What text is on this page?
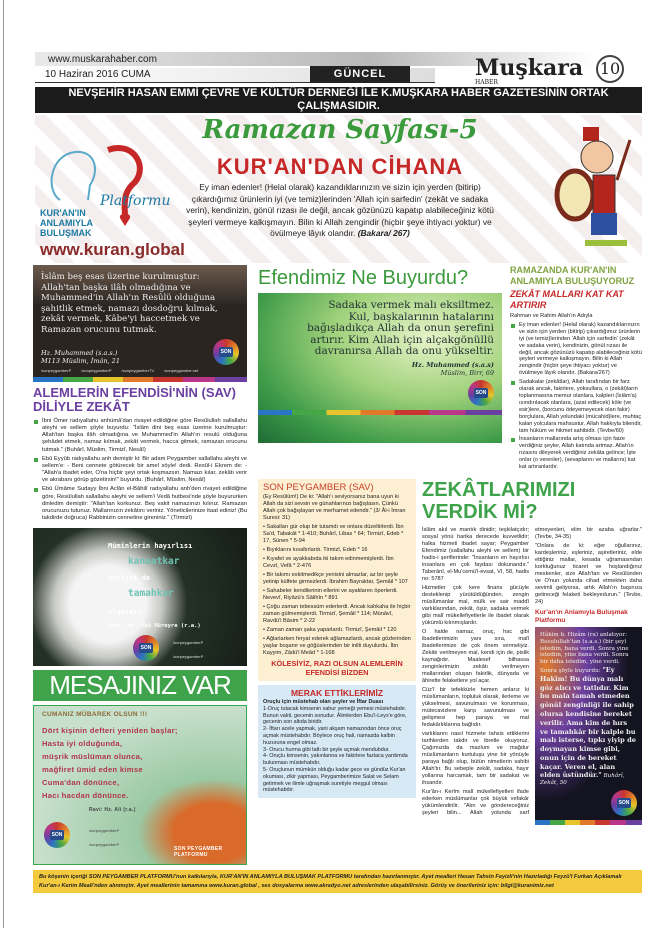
www.muskarahaber.com
10 Haziran 2016 CUMA	GÜNCEL	Muşkara
HABER
10
NEVŞEHİR HASAN EMMİ ÇEVRE VE KÜLTÜR DERNEĞİ İLE K.MUŞKARA HABER GAZETESİNİN ORTAK ÇALIŞMASIDIR.
KUR'AN'IN
ANLAMIYLA
BULUŞMAK
Platformu
www.kuran.global
Ramazan Sayfası-5
KUR'AN'DAN CİHANA
Ey iman edenler! (Helal olarak) kazandıklarınızın ve sizin için yerden (bitirip) çıkardığımız ürünlerin iyi (ve temiz)lerinden 'Allah için sarfedin' (zekât ve sadaka verin), kendinizin, gönül rızası ile değil, ancak gözünüzü kapatıp alabileceğiniz kötü şeyleri vermeye kalkışmayın. Bilin ki Allah zengindir (hiçbir şeye ihtiyacı yoktur) ve övülmeye lâyık olandır. (Bakara/ 267)
İslâm beş esas üzerine kurulmuştur: Allah'tan başka ilâh olmadığına ve Muhammed'in Allah'ın Resûlü olduğuna şahitlik etmek, namazı dosdoğru kılmak, zekât vermek, Kâbe'yi haccetmek ve Ramazan orucunu tutmak.
Hz. Muhammed (s.a.s.)
M113 Müslim, İmân, 21
SON
/sonpeygamberP	/sonpeygamberP	/sonpeygamberTV	/sonpeygamber.net
ALEMLERİN EFENDİSİ'NİN (SAV) DİLİYLE ZEKÂT

İbni Ömer radıyallahu anhümâ'dan rivayet edildiğine göre Resûlullah sallallahu aleyhi ve sellem şöyle buyurdu: "İslâm dini beş esas üzerine kurulmuştur: Allah'tan başka ilâh olmadığına ve Muhammed'in Allah'ın resulü olduğuna şehâdet etmek, namaz kılmak, zekât vermek, hacca gitmek, ramazan orucunu tutmak." (Buhârî, Müslim, Tirmizî, Nesâî)

Ebû Eyyûb radıyallahu anh demiştir ki: Bir adam Peygamber sallallahu aleyhi ve sellem'e: - Beni cennete götürecek bir amel söyle! dedi. Resûl-i Ekrem de: - "Allah'a ibadet eder, O'na hiçbir şeyi ortak koşmazsın. Namazı kılar, zekâtı verir ve akrabanı görüp gözetirsin!" buyurdu. (Buhârî, Müslim, Nesâî)

Ebû Ümâme Sudayy İbni Aclân el-Bâhilî radıyallahu anh'den rivayet edildiğine göre, Resûlullah sallallahu aleyhi ve sellem'i Vedâ hutbesi'nde şöyle buyururken dinledim demiştir: "Allah'tan korkunuz. Beş vakit namazınızı kılınız. Ramazan orucunuzu tutunuz. Mallarınızın zekâtını veriniz. Yöneticilerinize itaat ediniz! (Bu takdirde doğruca) Rabbinizin cennetine gireniniz." (Tirmizî)

Müminlerin hayırlısı
kanaatkar
şerlisi de
tamahkar
olanıdır.
Ravi: Hz. Ebû Hüreyre (r.a.)
SON
/sonpeygamberP
/sonpeygamberP
MESAJINIZ VAR
CUMANIZ MÜBAREK OLSUN !!!
Dört kişinin defteri yeniden başlar;
Hasta iyi olduğunda,
müşrik müslüman olunca,
mağfiret ümid eden kimse
Cuma'dan dönünce,
Hacı hacdan dönünce.
Ravi: Hz. Ali (r.a.)
SON PEYGAMBER PLATFORMU
SON
/sonpeygamberP
/sonpeygamberP
Efendimiz Ne Buyurdu?
Sadaka vermek malı eksiltmez. Kul, başkalarının hatalarını bağışladıkça Allah da onun şerefini artırır. Kim Allah için alçakgönüllü davranırsa Allah da onu yükseltir.
Hz. Muhammed (s.a.s)
Müslim, Birr, 69
SON
RAMAZANDA KUR'AN'IN ANLAMIYLA BULUŞUYORUZ
ZEKÂT MALLARI KAT KAT ARTIRIR

Rahman ve Rahim Allah'ın Adıyla

Ey iman edenler! (Helal olarak) kazandıklarınızın ve sizin için yerden (bitirip) çıkardığımız ürünlerin iyi (ve temiz)lerinden 'Allah için sarfedin' (zekât ve sadaka verin), kendinizin, gönül rızası ile değil, ancak gözünüzü kapatıp alabileceğiniz kötü şeyleri vermeye kalkışmayın. Bilin ki Allah zengindir (hiçbir şeye ihtiyacı yoktur) ve övülmeye lâyık olandır. (Bakara/267)

Sadakalar (zekâtlar), Allah tarafından bir farz olarak ancak, fakirlere, yoksullara, o (zekât)ların toplanmasına memur olanlara, kalpleri (İslâm'a) ısındırılacak olanlara, (azat edilecek) köle (ve esir)lere, (borcunu ödeyemeyecek olan fakir) borçlulara, Allah yolundaki (mücahid)lere, muhtaç kalan yolculara mahsustur. Allah hakkıyla bilendir, tam hüküm ve hikmet sahibidir. (Tevbe/60)

İnsanların mallarında artış olması için faize verdiğiniz şeyler, Allah katında artmaz. Allah'ın rızasını dileyerek verdiğiniz zekâta gelince; İşte onlar (o verenler), (sevaplarını ve mallarını) kat kat artıranlardır.

SON PEYGAMBER (SAV)

(Ey Resûlüm!) De ki: "Allah'ı seviyorsanız bana uyun ki Allah da sizi sevsin ve günahlarınızı bağışlasın. Çünkü Allah çok bağışlayan ve merhamet edendir." (3/ Âl-i İmran Suresi: 31)

• Sakalları gür olup bir tutamdı ve onlara düzeltirlerdi. İbn Sa'd, Tabakât * 1-410; Buhârî, Libas * 64; Tirmizî, Edeb * 17, Sünen * 5-94

• Bıyıklarını kısaltırlardı. Tirmizî, Edeb * 16

• Kıyafet ve ayakkabıda iki takım edinmemişlerdi. İbn Cevzî, Vefâ * 2-476

• Bir takımı eskitmedikçe yenisini almazlar, az bir şeyle yetinip külfete girmezlerdi. İbrahim Bayraktar, Şemâil * 107

• Sahabeler kendilerinin ellerini ve ayaklarını öperlerdi. Nevevî, Riyâzü's Sâlihîn * 891

• Çoğu zaman tebessüm ederlerdi. Ancak kahkaha ile hiçbir zaman gülmemişlerdi. Tirmizî, Şemâil * 114; Münâvî, Ravdü'l Bâsim * 2-22

• Zaman zaman şaka yaparlardı. Tirmizî, Şemâil * 120

• Ağlarlarken feryat ederek ağlamazlardı, ancak gözlerinden yaşlar boşanır ve göğüslerinden bir inilti duyulurdu. İbn Kayyim, Zâdü'l Meâd * 1-168

KÖLESİYİZ, RAZI OLSUN ALEMLERİN EFENDİSİ BİZDEN
MERAK ETTİKLERİMİZ

Oruçlu için müstehab olan şeyler ve İftar Duası

1-Oruç tutacak kimsenin sahur yemeği yemesi müstehabdır. Bunun vakti, gecenin sonudur. Âlimlerden Ebu'l-Leys'e göre, gecenin son altıda biridir.

2- İftarı acele yapmak, yani akşam namazından önce oruç açmak müstehabdır. Böylece oruç hali, namazda kalbin huzuruna engel olmaz.

3- Orucu hurma gibi tatlı bir şeyle açmak mendubdur.

4- Oruçlu kimsenin, yakınlarına ve fakirlere fazlaca yardımda bulunması müstehabdır.

5- Oruçlunun mümkün olduğu kadar gece ve gündüz Kur'an okuması, zikir yapması, Peygamberimize Salat ve Selam getirmek ve ilimle uğraşmak suretiyle meşgul olması müstehabdır.

ZEKÂTLARIMIZI VERDİK Mİ?

İslâm akıl ve mantık dinidir; teşkilatçıdır; sosyal yönü harika derecede kuvvetlidir; halka hizmeti ibadet sayar; Peygamber Efendimiz (sallallahu aleyhi ve sellem) bir hadis-i şeriflerinde: "İnsanların en hayırlısı insanlara en çok faydası dokunandır." Taberânî, el-Mu'cemü'l-evsat, VI, 58, hadis no: 5787

Hizmetler çok kere finans gücüyle desteklenip yürütüldüğünden, zengin müslümanlar mal, mülk ve sair maddî varlıklarından, zekât, öşür, sadaka vermek gibi malî mükellefiyetlerle ile ibadet olarak yükümlü kılınmışlardır.

O halde namaz, oruç, hac gibi ibadetlerimizin yanı sıra, malî ibadetlerimize de çok önem vermeliyiz. Zekâtı verilmeyen mal, kendi için de, pislik kaynağıdır. Maalesef bilhassa zenginlerimizin zekâtı verilmeyen mallarından oluşan fakirlik, dünyada ve âhirette felaketlere yol açar.

Cüz'î bir tefekkürle hemen anlarız ki müslümanların, topluluk olarak, ilerleme ve yükselmesi, savunulması ve korunması, mütecavizlere karşı savunulması ve gelişmesi hep paraya ve mal fedakârlıklarına bağlıdır.

varlıklarını nasıl hizmete tahsis ettiklerini tarihlerden takdir ve ibretle okuyoruz. Çağımızda da mazlum ve mağdur müslümanların kurtuluşu yine bir yönüyle paraya bağlı olup, bütün nimetlerin sahibi Allah'tır. Bu sebeple zekât, sadaka, hayır yollarına harcamak, tam bir sadakat ve ihsandır.

Kur'ân-ı Kerîm malî mükellefiyetleri ifade ederken müslümanlar çok büyük vefakâr yükümlendirilir. "Alın ve göndereceğiniz şeyleri bilin... Allah yolunda sarf etmeyenleri, elim bir azaba uğrarlar." (Tevbe, 34-35)

"Onlara de ki: eğer oğullarınız, kardeşleriniz, eşleriniz, aşiretleriniz, elde ettiğiniz mallar, kesada uğramasından korktuğunuz ticaret ve hoşlandığınız meskenler, size Allah'tan ve Resûlünden ve O'nun yolunda cihad etmekten daha sevimli geliyorsa, artık Allah'ın başınıza getireceği felaketi bekleyedurun." (Tevbe, 24)

Kur'an'ın Anlamıyla Buluşmak Platformu
Hâkim b. Hizâm (ra) anlatıyor: Resulullah'tan (s.a.s.) (bir şey) istedim, bana verdi. Sonra yine istedim, yine bana verdi. Sonra bir daha istedim, yine verdi. Sonra şöyle buyurdu: "Ey Hakîm! Bu dünya malı göz alıcı ve tatlıdır. Kim bu mala tamah etmeden gönül zenginliği ile sahip olursa kendisine bereket verilir. Ama kim de hırs ve tamahkâr bir kalple bu malı isterse, tıpkı yiyip de doymayan kimse gibi, onun için de bereket kaçar. Veren el, alan elden üstündür." Buhârî, Zekât, 50
SON
Bu köşenin içeriği SON PEYGAMBER PLATFORMU'nun katkılarıyla, KUR'AN'IN ANLAMIYLA BULUŞMAK PLATFORMU tarafından hazırlanmıştır. Ayet mealleri Hasan Tahsin Feyizli'nin Hazırladığı Feyzü'l Furkan Açıklamalı Kur'an-ı Kerim Meali'nden alınmıştır. Ayet meallerinin tamamına www.kuran.global , ses dosyalarına www.akradyo.net adreslerinden ulaşabilirsiniz. Görüş ve önerileriniz için: bilgi@kuranimiz.net
